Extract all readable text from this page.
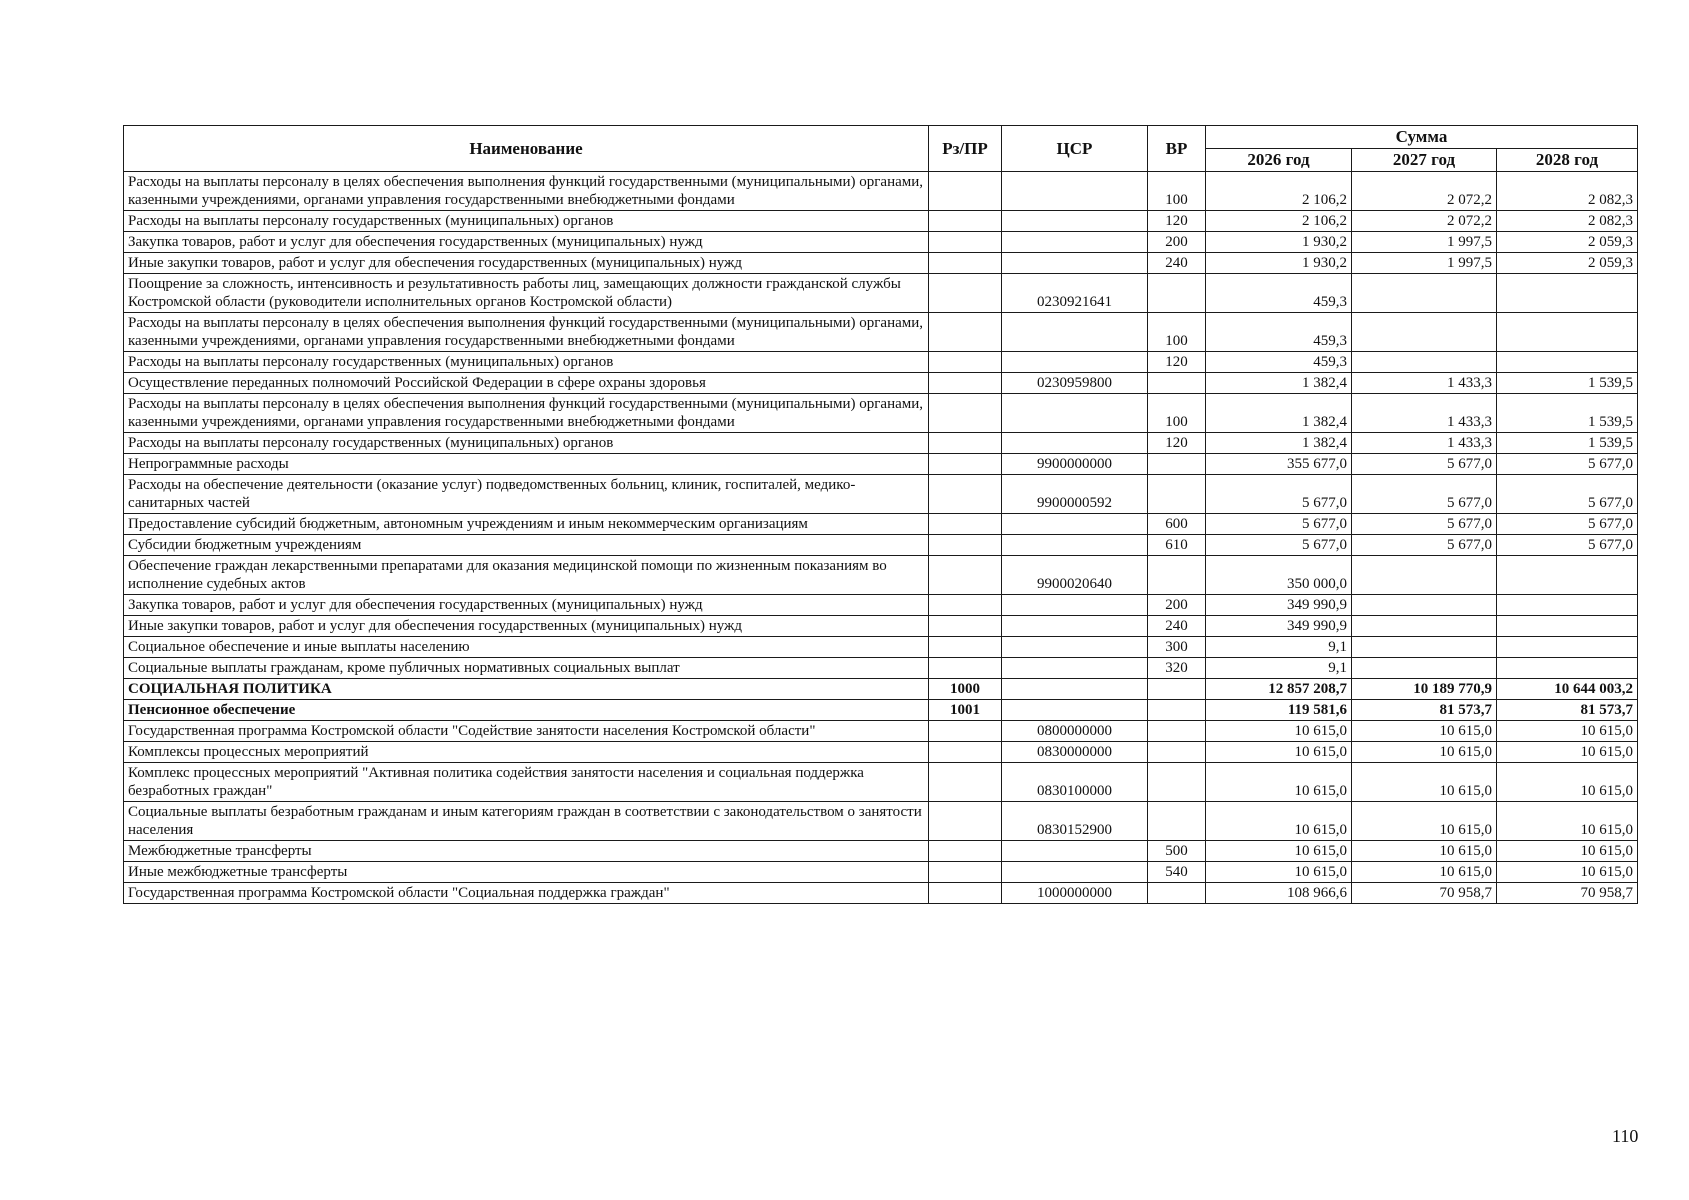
Наименование	Рз/ПР	ЦСР	ВР	Сумма		
				2026 год	2027 год	2028 год
Расходы на выплаты персоналу в целях обеспечения выполнения функций государственными (муниципальными) органами, казенными учреждениями, органами управления государственными внебюджетными фондами			100	2 106,2	2 072,2	2 082,3
Расходы на выплаты персоналу государственных (муниципальных) органов			120	2 106,2	2 072,2	2 082,3
Закупка товаров, работ и услуг для обеспечения государственных (муниципальных) нужд			200	1 930,2	1 997,5	2 059,3
Иные закупки товаров, работ и услуг для обеспечения государственных (муниципальных) нужд			240	1 930,2	1 997,5	2 059,3
Поощрение за сложность, интенсивность и результативность работы лиц, замещающих должности гражданской службы Костромской области (руководители исполнительных органов Костромской области)		0230921641		459,3		
Расходы на выплаты персоналу в целях обеспечения выполнения функций государственными (муниципальными) органами, казенными учреждениями, органами управления государственными внебюджетными фондами			100	459,3		
Расходы на выплаты персоналу государственных (муниципальных) органов			120	459,3		
Осуществление переданных полномочий Российской Федерации в сфере охраны здоровья		0230959800		1 382,4	1 433,3	1 539,5
Расходы на выплаты персоналу в целях обеспечения выполнения функций государственными (муниципальными) органами, казенными учреждениями, органами управления государственными внебюджетными фондами			100	1 382,4	1 433,3	1 539,5
Расходы на выплаты персоналу государственных (муниципальных) органов			120	1 382,4	1 433,3	1 539,5
Непрограммные расходы		9900000000		355 677,0	5 677,0	5 677,0
Расходы на обеспечение деятельности (оказание услуг) подведомственных больниц, клиник, госпиталей, медико-санитарных частей		9900000592		5 677,0	5 677,0	5 677,0
Предоставление субсидий бюджетным, автономным учреждениям и иным некоммерческим организациям			600	5 677,0	5 677,0	5 677,0
Субсидии бюджетным учреждениям			610	5 677,0	5 677,0	5 677,0
Обеспечение граждан лекарственными препаратами для оказания медицинской помощи по жизненным показаниям во исполнение судебных актов		9900020640		350 000,0		
Закупка товаров, работ и услуг для обеспечения государственных (муниципальных) нужд			200	349 990,9		
Иные закупки товаров, работ и услуг для обеспечения государственных (муниципальных) нужд			240	349 990,9		
Социальное обеспечение и иные выплаты населению			300	9,1		
Социальные выплаты гражданам, кроме публичных нормативных социальных выплат			320	9,1		
СОЦИАЛЬНАЯ ПОЛИТИКА	1000			12 857 208,7	10 189 770,9	10 644 003,2
Пенсионное обеспечение	1001			119 581,6	81 573,7	81 573,7
Государственная программа Костромской области "Содействие занятости населения Костромской области"		0800000000		10 615,0	10 615,0	10 615,0
Комплексы процессных мероприятий		0830000000		10 615,0	10 615,0	10 615,0
Комплекс процессных мероприятий "Активная политика содействия занятости населения и социальная поддержка безработных граждан"		0830100000		10 615,0	10 615,0	10 615,0
Социальные выплаты безработным гражданам и иным категориям граждан в соответствии с законодательством о занятости населения		0830152900		10 615,0	10 615,0	10 615,0
Межбюджетные трансферты			500	10 615,0	10 615,0	10 615,0
Иные межбюджетные трансферты			540	10 615,0	10 615,0	10 615,0
Государственная программа Костромской области "Социальная поддержка граждан"		1000000000		108 966,6	70 958,7	70 958,7
110
